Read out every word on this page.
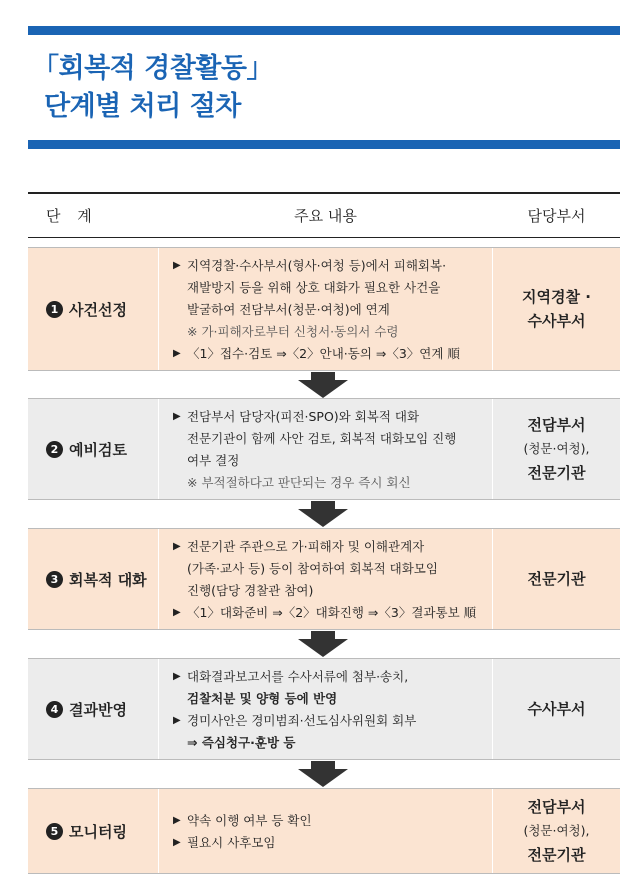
「회복적 경찰활동」
단계별 처리 절차
단 계	주요 내용	담당부서
1 사건선정
▶ 지역경찰·수사부서(형사·여청 등)에서 피해회복·
재발방지 등을 위해 상호 대화가 필요한 사건을
발굴하여 전담부서(청문·여청)에 연계
※ 가·피해자로부터 신청서·동의서 수령
▶ 〈1〉접수·검토 ⇒〈2〉안내·동의 ⇒〈3〉연계 順
지역경찰 ·
수사부서
2 예비검토
▶ 전담부서 담당자(피전·SPO)와 회복적 대화
전문기관이 함께 사안 검토, 회복적 대화모임 진행
여부 결정
※ 부적절하다고 판단되는 경우 즉시 회신
전담부서
(청문·여청),
전문기관
3 회복적 대화
▶ 전문기관 주관으로 가·피해자 및 이해관계자
(가족·교사 등) 등이 참여하여 회복적 대화모임
진행(담당 경찰관 참여)
▶ 〈1〉대화준비 ⇒〈2〉대화진행 ⇒〈3〉결과통보 順
전문기관
4 결과반영
▶ 대화결과보고서를 수사서류에 첨부·송치,
검찰처분 및 양형 등에 반영
▶ 경미사안은 경미범죄·선도심사위원회 회부
⇒ 즉심청구·훈방 등
수사부서
5 모니터링
▶ 약속 이행 여부 등 확인
▶ 필요시 사후모임
전담부서
(청문·여청),
전문기관
